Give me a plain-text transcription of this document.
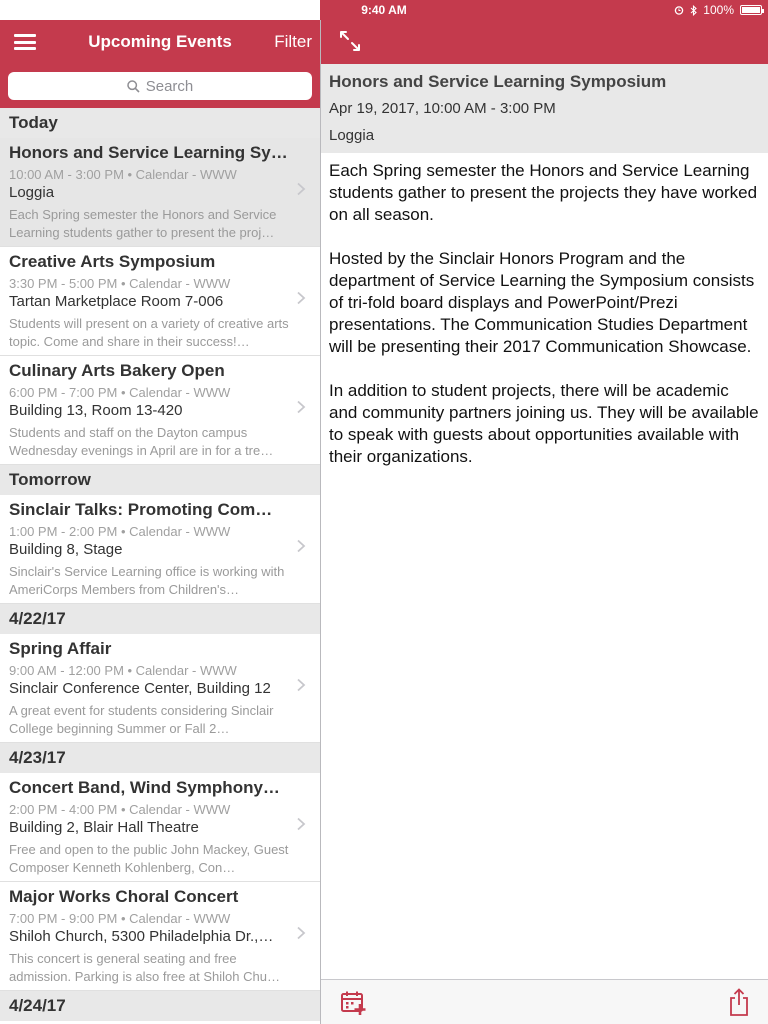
9:40 AM	100%
Upcoming Events	Filter
Search
Today
Honors and Service Learning Sy…
10:00 AM - 3:00 PM • Calendar - WWW
Loggia
Each Spring semester the Honors and Service Learning students gather to present the proj…
Creative Arts Symposium
3:30 PM - 5:00 PM • Calendar - WWW
Tartan Marketplace Room 7-006
Students will present on a variety of creative arts topic. Come and share in their success!…
Culinary Arts Bakery Open
6:00 PM - 7:00 PM • Calendar - WWW
Building 13, Room 13-420
Students and staff on the Dayton campus Wednesday evenings in April are in for a tre…
Tomorrow
Sinclair Talks: Promoting Com…
1:00 PM - 2:00 PM • Calendar - WWW
Building 8, Stage
Sinclair's Service Learning office is working with AmeriCorps Members from Children's…
4/22/17
Spring Affair
9:00 AM - 12:00 PM • Calendar - WWW
Sinclair Conference Center, Building 12
A great event for students considering Sinclair College beginning Summer or Fall 2…
4/23/17
Concert Band, Wind Symphony…
2:00 PM - 4:00 PM • Calendar - WWW
Building 2, Blair Hall Theatre
Free and open to the public John Mackey, Guest Composer Kenneth Kohlenberg, Con…
Major Works Choral Concert
7:00 PM - 9:00 PM • Calendar - WWW
Shiloh Church, 5300 Philadelphia Dr.,…
This concert is general seating and free admission. Parking is also free at Shiloh Chu…
4/24/17
Honors and Service Learning Symposium
Apr 19, 2017, 10:00 AM - 3:00 PM
Loggia

Each Spring semester the Honors and Service Learning students gather to present the projects they have worked on all season.

Hosted by the Sinclair Honors Program and the department of Service Learning the Symposium consists of tri-fold board displays and PowerPoint/Prezi presentations. The Communication Studies Department will be presenting their 2017 Communication Showcase.

In addition to student projects, there will be academic and community partners joining us. They will be available to speak with guests about opportunities available with their organizations.
